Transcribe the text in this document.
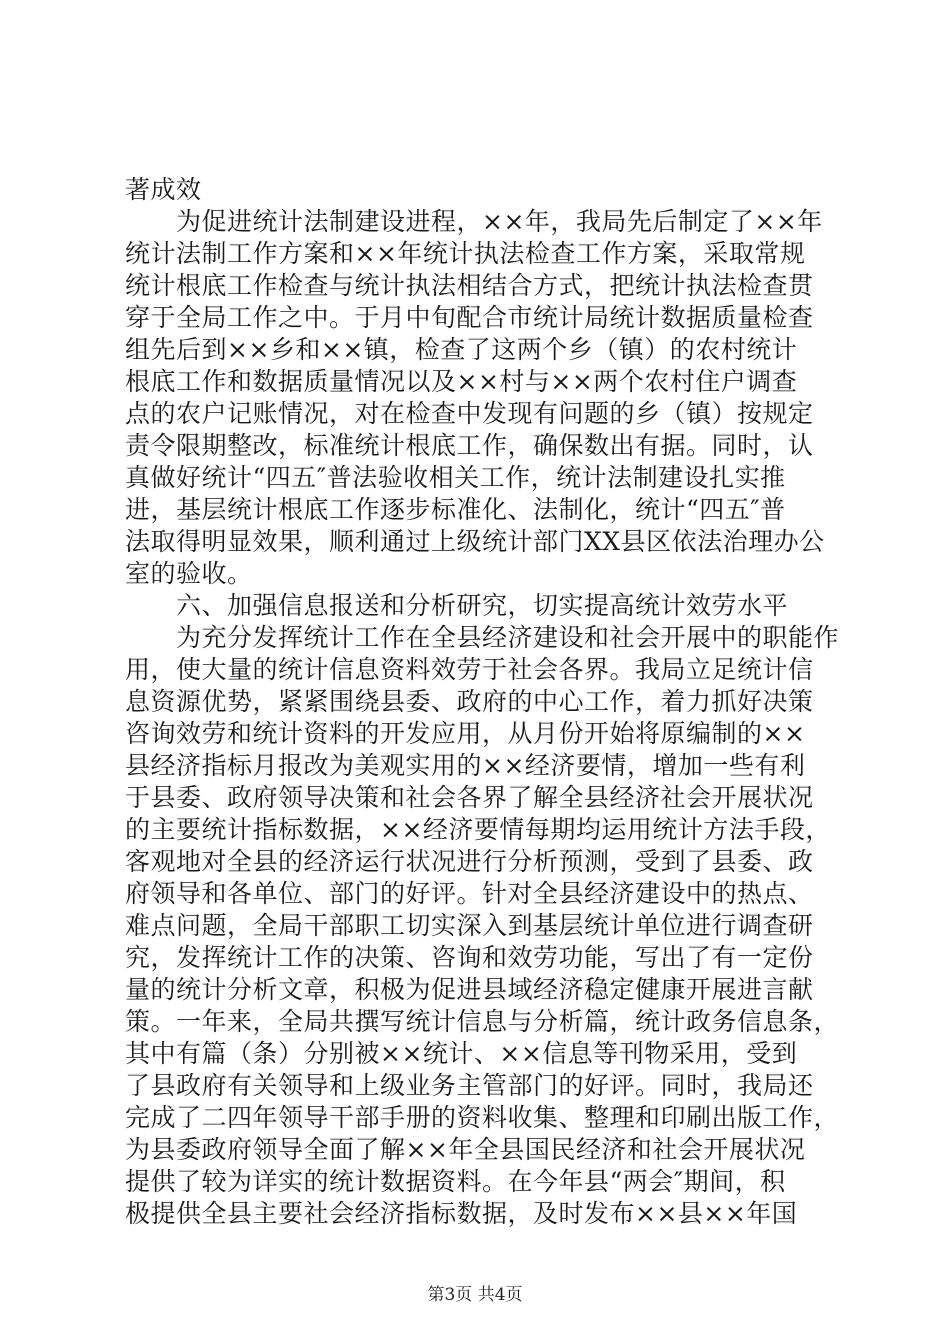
著成效
　　为促进统计法制建设进程，××年，我局先后制定了××年
统计法制工作方案和××年统计执法检查工作方案，采取常规
统计根底工作检查与统计执法相结合方式，把统计执法检查贯
穿于全局工作之中。于月中旬配合市统计局统计数据质量检查
组先后到××乡和××镇，检查了这两个乡（镇）的农村统计
根底工作和数据质量情况以及××村与××两个农村住户调查
点的农户记账情况，对在检查中发现有问题的乡（镇）按规定
责令限期整改，标准统计根底工作，确保数出有据。同时，认
真做好统计“四五″普法验收相关工作，统计法制建设扎实推
进，基层统计根底工作逐步标准化、法制化，统计“四五″普
法取得明显效果，顺利通过上级统计部门XX县区依法治理办公
室的验收。
　　六、加强信息报送和分析研究，切实提高统计效劳水平
　　为充分发挥统计工作在全县经济建设和社会开展中的职能作
用，使大量的统计信息资料效劳于社会各界。我局立足统计信
息资源优势，紧紧围绕县委、政府的中心工作，着力抓好决策
咨询效劳和统计资料的开发应用，从月份开始将原编制的××
县经济指标月报改为美观实用的××经济要情，增加一些有利
于县委、政府领导决策和社会各界了解全县经济社会开展状况
的主要统计指标数据，××经济要情每期均运用统计方法手段，
客观地对全县的经济运行状况进行分析预测，受到了县委、政
府领导和各单位、部门的好评。针对全县经济建设中的热点、
难点问题，全局干部职工切实深入到基层统计单位进行调查研
究，发挥统计工作的决策、咨询和效劳功能，写出了有一定份
量的统计分析文章，积极为促进县域经济稳定健康开展进言献
策。一年来，全局共撰写统计信息与分析篇，统计政务信息条，
其中有篇（条）分别被××统计、××信息等刊物采用，受到
了县政府有关领导和上级业务主管部门的好评。同时，我局还
完成了二四年领导干部手册的资料收集、整理和印刷出版工作，
为县委政府领导全面了解××年全县国民经济和社会开展状况
提供了较为详实的统计数据资料。在今年县“两会″期间，积
极提供全县主要社会经济指标数据，及时发布××县××年国
第3页 共4页
